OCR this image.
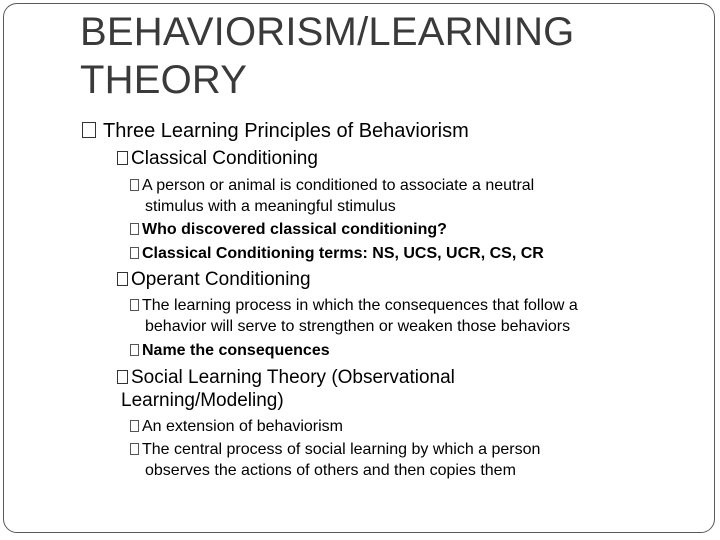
BEHAVIORISM/LEARNING
THEORY
Three Learning Principles of Behaviorism
Classical Conditioning
A person or animal is conditioned to associate a neutral
stimulus with a meaningful stimulus
Who discovered classical conditioning?
Classical Conditioning terms: NS, UCS, UCR, CS, CR
Operant Conditioning
The learning process in which the consequences that follow a
behavior will serve to strengthen or weaken those behaviors
Name the consequences
Social Learning Theory (Observational
Learning/Modeling)
An extension of behaviorism
The central process of social learning by which a person
observes the actions of others and then copies them
